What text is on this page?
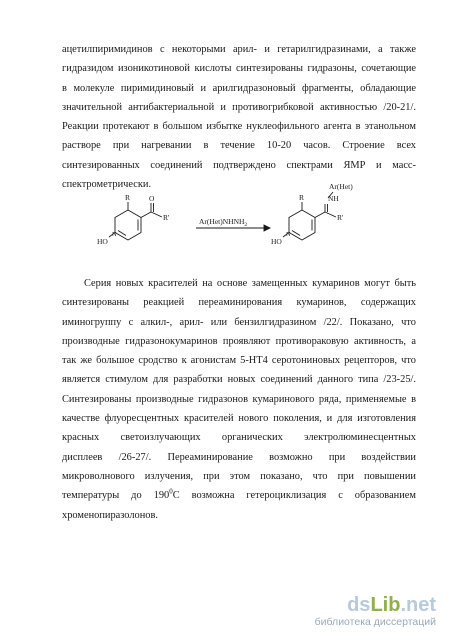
ацетилпиримидинов с некоторыми арил- и гетарилгидразинами, а также
гидразидом изоникотиновой кислоты синтезированы гидразоны, сочетающие
в молекуле пиримидиновый и арилгидразоновый фрагменты, обладающие
значительной антибактериальной и противогрибковой активностью /20-21/.
Реакции протекают в большом избытке нуклеофильного агента в этанольном
растворе при нагревании в течение 10-20 часов. Строение всех
синтезированных соединений подтверждено спектрами ЯМР и масс-
спектрометрически.

R	O
R'
N
HO
$Ar(Het)NHNH_2$
R	NH
Ar(Het)
R'
N
HO

Серия новых красителей на основе замещенных кумаринов могут быть
синтезированы реакцией переаминирования кумаринов, содержащих
иминогруппу с алкил-, арил- или бензилгидразином /22/. Показано, что
производные гидразонокумаринов проявляют противораковую активность, а
так же большое сродство к агонистам 5-НТ4 серотониновых рецепторов, что
является стимулом для разработки новых соединений данного типа /23-25/.
Синтезированы производные гидразонов кумаринового ряда, применяемые в
качестве флуоресцентных красителей нового поколения, и для изготовления
красных светоизлучающих органических электролюминесцентных
дисплеев /26-27/. Переаминирование возможно при воздействии
микроволнового излучения, при этом показано, что при повышении
температуры до $190^0С$ возможна гетероциклизация с образованием
хроменопиразолонов.

dsLib.net
библиотека диссертаций
